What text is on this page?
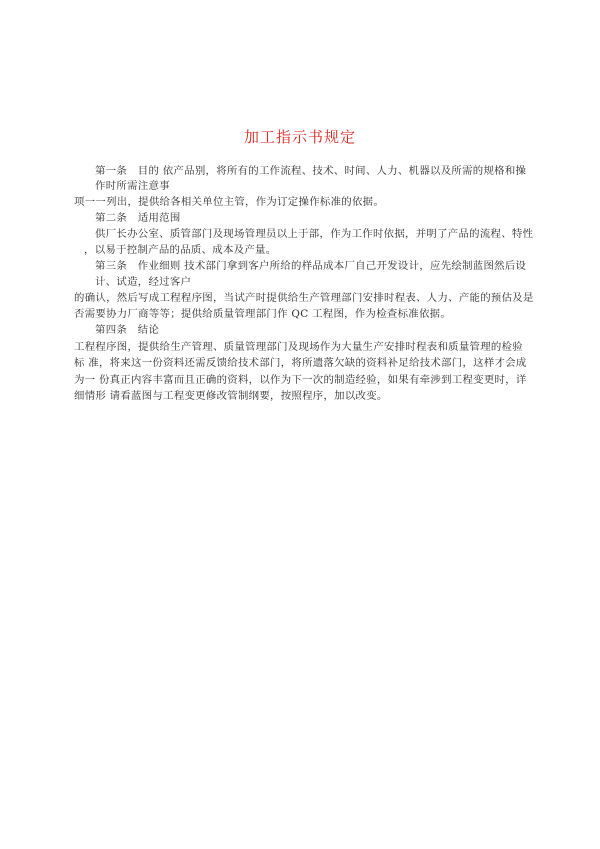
加工指示书规定
第一条　目的 依产品别，将所有的工作流程、技术、时间、人力、机器以及所需的规格和操
作时所需注意事
项一一列出，提供给各相关单位主管，作为订定操作标准的依据。
第二条　适用范围
供厂长办公室、质管部门及现场管理员以上于部，作为工作时依据，并明了产品的流程、特性
，以易于控制产品的品质、成本及产量。
第三条　作业细则 技术部门拿到客户所给的样品成本厂自己开发设计，应先绘制蓝图然后设
计、试造，经过客户
的确认，然后写成工程程序图，当试产时提供给生产管理部门安排时程表、人力、产能的预估及是
否需要协力厂商等等；提供给质量管理部门作 QC 工程图，作为检查标准依据。
第四条　结论
工程程序图，提供给生产管理、质量管理部门及现场作为大量生产安排时程表和质量管理的检验
标 准，将来这一份资料还需反馈给技术部门，将所遗落欠缺的资料补足给技术部门，这样才会成
为一 份真正内容丰富而且正确的资料，以作为下一次的制造经验，如果有牵涉到工程变更时，详
细情形 请看蓝图与工程变更修改管制纲要，按照程序，加以改变。
